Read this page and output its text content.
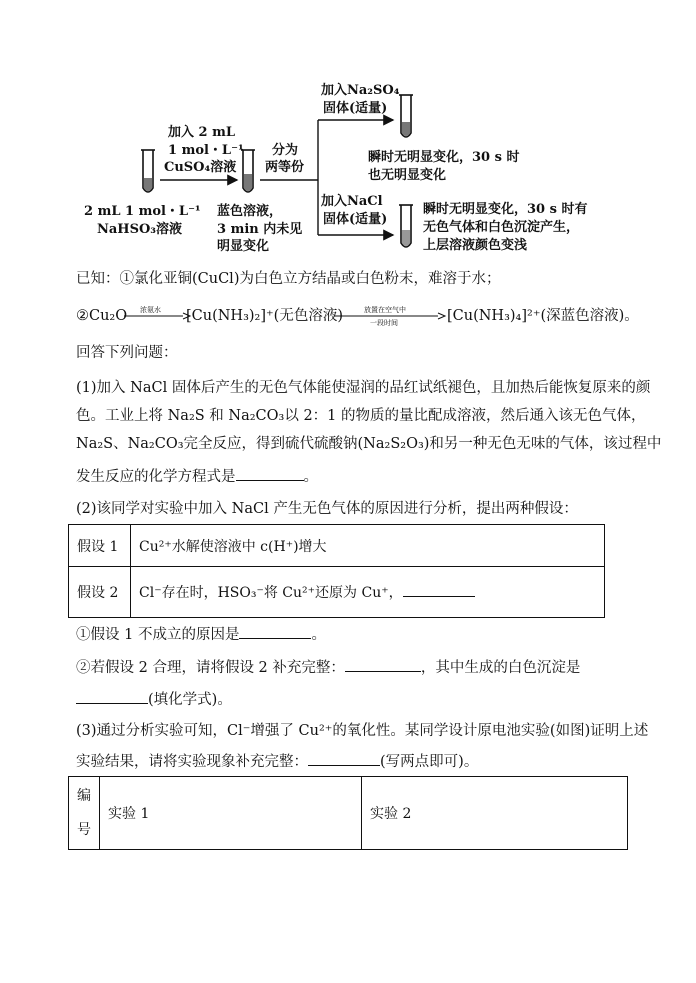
2 mL 1 mol・L⁻¹
NaHSO₃溶液
加入 2 mL
1 mol・L⁻¹
CuSO₄溶液
分为
两等份
蓝色溶液，
3 min 内未见
明显变化
加入Na₂SO₄
固体(适量)
瞬时无明显变化，30 s 时
也无明显变化
加入NaCl
固体(适量)
瞬时无明显变化，30 s 时有
无色气体和白色沉淀产生，
上层溶液颜色变浅
已知：①氯化亚铜(CuCl)为白色立方结晶或白色粉末，难溶于水；
②Cu₂O 浓氨水	放置在空气中
一段时间
[Cu(NH₃)₂]⁺(无色溶液)	[Cu(NH₃)₄]²⁺(深蓝色溶液)。
回答下列问题：
(1)加入 NaCl 固体后产生的无色气体能使湿润的品红试纸褪色，且加热后能恢复原来的颜
色。工业上将 Na₂S 和 Na₂CO₃以 2：1 的物质的量比配成溶液，然后通入该无色气体，
Na₂S、Na₂CO₃完全反应，得到硫代硫酸钠(Na₂S₂O₃)和另一种无色无味的气体，该过程中
发生反应的化学方程式是	。
(2)该同学对实验中加入 NaCl 产生无色气体的原因进行分析，提出两种假设：
假设 1	Cu²⁺水解使溶液中 c(H⁺)增大
假设 2	Cl⁻存在时，HSO₃⁻将 Cu²⁺还原为 Cu⁺，
①假设 1 不成立的原因是	。
②若假设 2 合理，请将假设 2 补充完整：	，其中生成的白色沉淀是
(填化学式)。
(3)通过分析实验可知，Cl⁻增强了 Cu²⁺的氧化性。某同学设计原电池实验(如图)证明上述
实验结果，请将实验现象补充完整：	(写两点即可)。
编号	实验 1	实验 2
